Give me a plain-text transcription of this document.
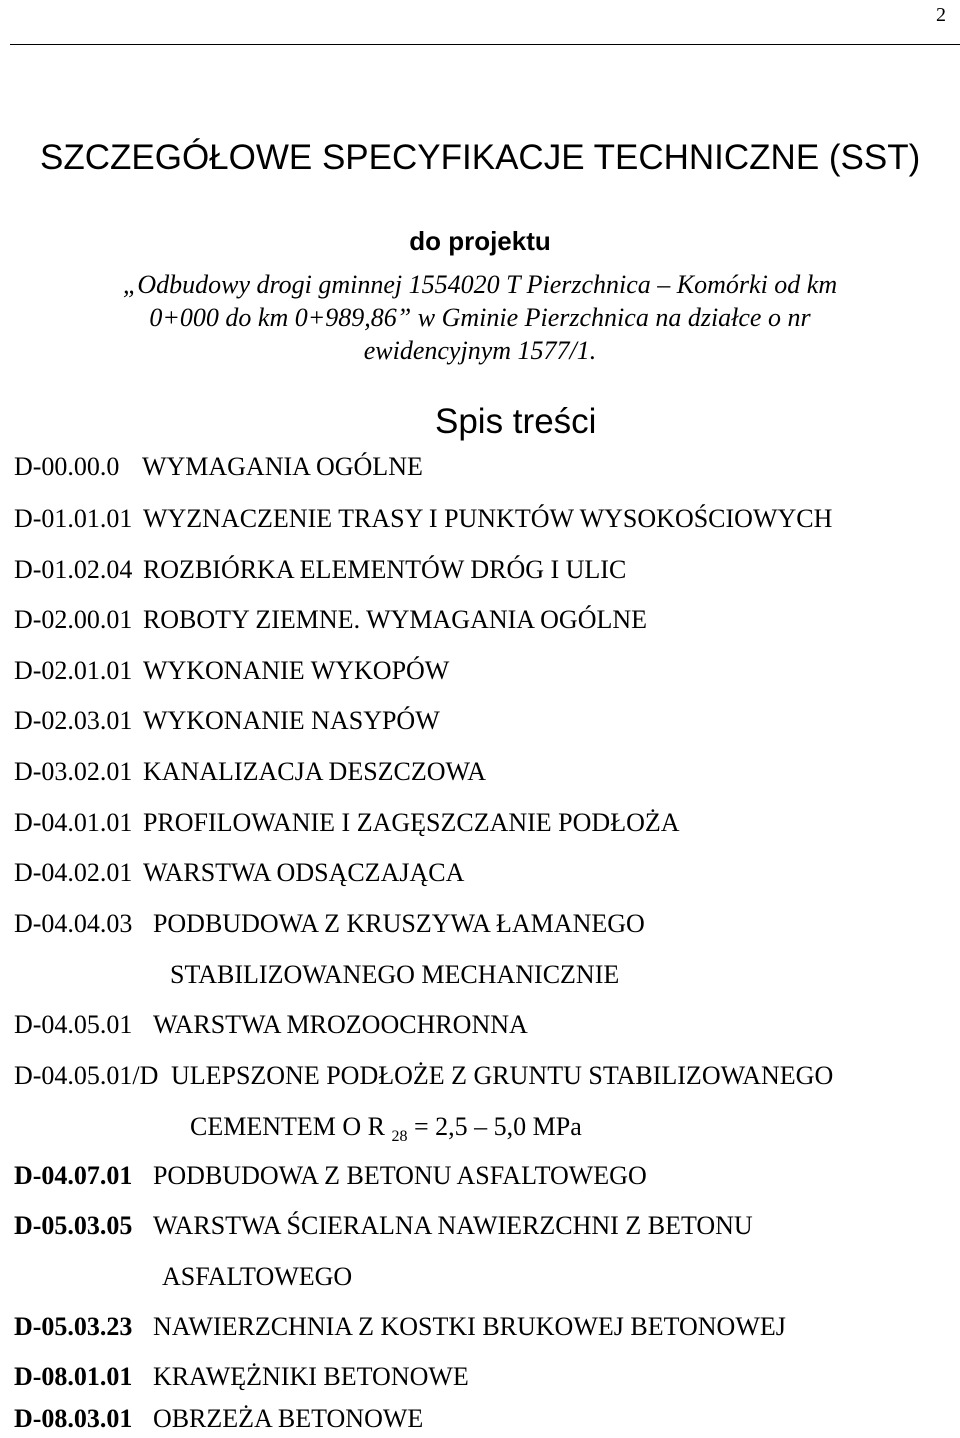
2
SZCZEGÓŁOWE SPECYFIKACJE TECHNICZNE (SST)
do projektu
„Odbudowy drogi gminnej 1554020 T Pierzchnica – Komórki od km
0+000 do km 0+989,86” w Gminie Pierzchnica na działce o nr
ewidencyjnym 1577/1.
Spis treści
D-00.00.0 WYMAGANIA OGÓLNE
D-01.01.01 WYZNACZENIE TRASY I PUNKTÓW WYSOKOŚCIOWYCH
D-01.02.04 ROZBIÓRKA ELEMENTÓW DRÓG I ULIC
D-02.00.01 ROBOTY ZIEMNE. WYMAGANIA OGÓLNE
D-02.01.01 WYKONANIE WYKOPÓW
D-02.03.01 WYKONANIE NASYPÓW
D-03.02.01 KANALIZACJA DESZCZOWA
D-04.01.01 PROFILOWANIE I ZAGĘSZCZANIE PODŁOŻA
D-04.02.01 WARSTWA ODSĄCZAJĄCA
D-04.04.03 PODBUDOWA Z KRUSZYWA ŁAMANEGO
STABILIZOWANEGO MECHANICZNIE
D-04.05.01 WARSTWA MROZOOCHRONNA
D-04.05.01/D ULEPSZONE PODŁOŻE Z GRUNTU STABILIZOWANEGO
CEMENTEM O R $_{28}$ = 2,5 – 5,0 MPa
D-04.07.01 PODBUDOWA Z BETONU ASFALTOWEGO
D-05.03.05 WARSTWA ŚCIERALNA NAWIERZCHNI Z BETONU
ASFALTOWEGO
D-05.03.23 NAWIERZCHNIA Z KOSTKI BRUKOWEJ BETONOWEJ
D-08.01.01 KRAWĘŻNIKI BETONOWE
D-08.03.01 OBRZEŻA BETONOWE
